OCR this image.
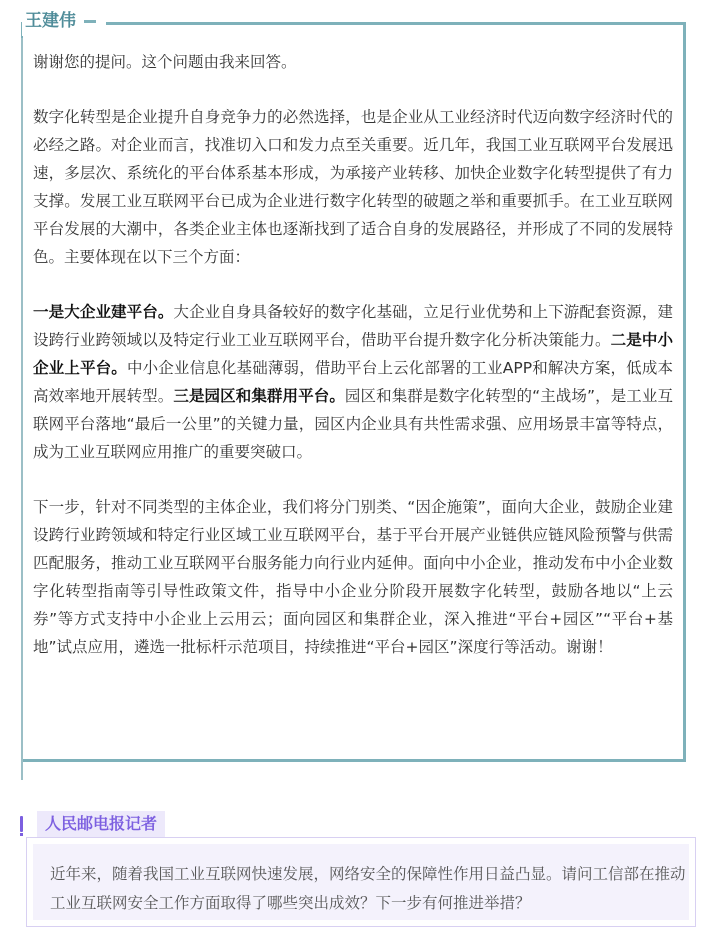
王建伟

谢谢您的提问。这个问题由我来回答。

数字化转型是企业提升自身竞争力的必然选择，也是企业从工业经济时代迈向数字经济时代的必经之路。对企业而言，找准切入口和发力点至关重要。近几年，我国工业互联网平台发展迅速，多层次、系统化的平台体系基本形成，为承接产业转移、加快企业数字化转型提供了有力支撑。发展工业互联网平台已成为企业进行数字化转型的破题之举和重要抓手。在工业互联网平台发展的大潮中，各类企业主体也逐渐找到了适合自身的发展路径，并形成了不同的发展特色。主要体现在以下三个方面：

一是大企业建平台。大企业自身具备较好的数字化基础，立足行业优势和上下游配套资源，建设跨行业跨领域以及特定行业工业互联网平台，借助平台提升数字化分析决策能力。二是中小企业上平台。中小企业信息化基础薄弱，借助平台上云化部署的工业APP和解决方案，低成本高效率地开展转型。三是园区和集群用平台。园区和集群是数字化转型的“主战场”，是工业互联网平台落地“最后一公里”的关键力量，园区内企业具有共性需求强、应用场景丰富等特点，成为工业互联网应用推广的重要突破口。

下一步，针对不同类型的主体企业，我们将分门别类、“因企施策”，面向大企业，鼓励企业建设跨行业跨领域和特定行业区域工业互联网平台，基于平台开展产业链供应链风险预警与供需匹配服务，推动工业互联网平台服务能力向行业内延伸。面向中小企业，推动发布中小企业数字化转型指南等引导性政策文件，指导中小企业分阶段开展数字化转型，鼓励各地以“上云券”等方式支持中小企业上云用云；面向园区和集群企业，深入推进“平台+园区”“平台+基地”试点应用，遴选一批标杆示范项目，持续推进“平台+园区”深度行等活动。谢谢！

人民邮电报记者

近年来，随着我国工业互联网快速发展，网络安全的保障性作用日益凸显。请问工信部在推动工业互联网安全工作方面取得了哪些突出成效？下一步有何推进举措？
